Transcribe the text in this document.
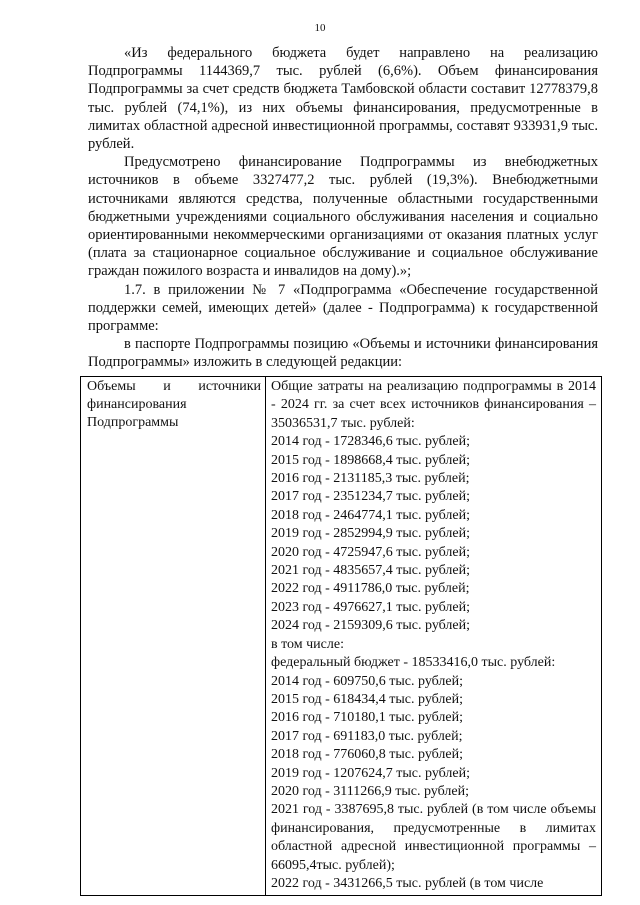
10

«Из федерального бюджета будет направлено на реализацию Подпрограммы 1144369,7 тыс. рублей (6,6%). Объем финансирования Подпрограммы за счет средств бюджета Тамбовской области составит 12778379,8 тыс. рублей (74,1%), из них объемы финансирования, предусмотренные в лимитах областной адресной инвестиционной программы, составят 933931,9 тыс. рублей.

Предусмотрено финансирование Подпрограммы из внебюджетных источников в объеме 3327477,2 тыс. рублей (19,3%). Внебюджетными источниками являются средства, полученные областными государственными бюджетными учреждениями социального обслуживания населения и социально ориентированными некоммерческими организациями от оказания платных услуг (плата за стационарное социальное обслуживание и социальное обслуживание граждан пожилого возраста и инвалидов на дому).»;

1.7. в приложении № 7 «Подпрограмма «Обеспечение государственной поддержки семей, имеющих детей» (далее - Подпрограмма) к государственной программе:

в паспорте Подпрограммы позицию «Объемы и источники финансирования Подпрограммы» изложить в следующей редакции:

Объемы и источники финансирования Подпрограммы

Общие затраты на реализацию подпрограммы в 2014 - 2024 гг. за счет всех источников финансирования – 35036531,7 тыс. рублей:

2014 год - 1728346,6 тыс. рублей;

2015 год - 1898668,4 тыс. рублей;

2016 год - 2131185,3 тыс. рублей;

2017 год - 2351234,7 тыс. рублей;

2018 год - 2464774,1 тыс. рублей;

2019 год - 2852994,9 тыс. рублей;

2020 год - 4725947,6 тыс. рублей;

2021 год - 4835657,4 тыс. рублей;

2022 год - 4911786,0 тыс. рублей;

2023 год - 4976627,1 тыс. рублей;

2024 год - 2159309,6 тыс. рублей;

в том числе:

федеральный бюджет - 18533416,0 тыс. рублей:

2014 год - 609750,6 тыс. рублей;

2015 год - 618434,4 тыс. рублей;

2016 год - 710180,1 тыс. рублей;

2017 год - 691183,0 тыс. рублей;

2018 год - 776060,8 тыс. рублей;

2019 год - 1207624,7 тыс. рублей;

2020 год - 3111266,9 тыс. рублей;

2021 год - 3387695,8 тыс. рублей (в том числе объемы финансирования, предусмотренные в лимитах областной адресной инвестиционной программы – 66095,4тыс. рублей);

2022 год - 3431266,5 тыс. рублей (в том числе
